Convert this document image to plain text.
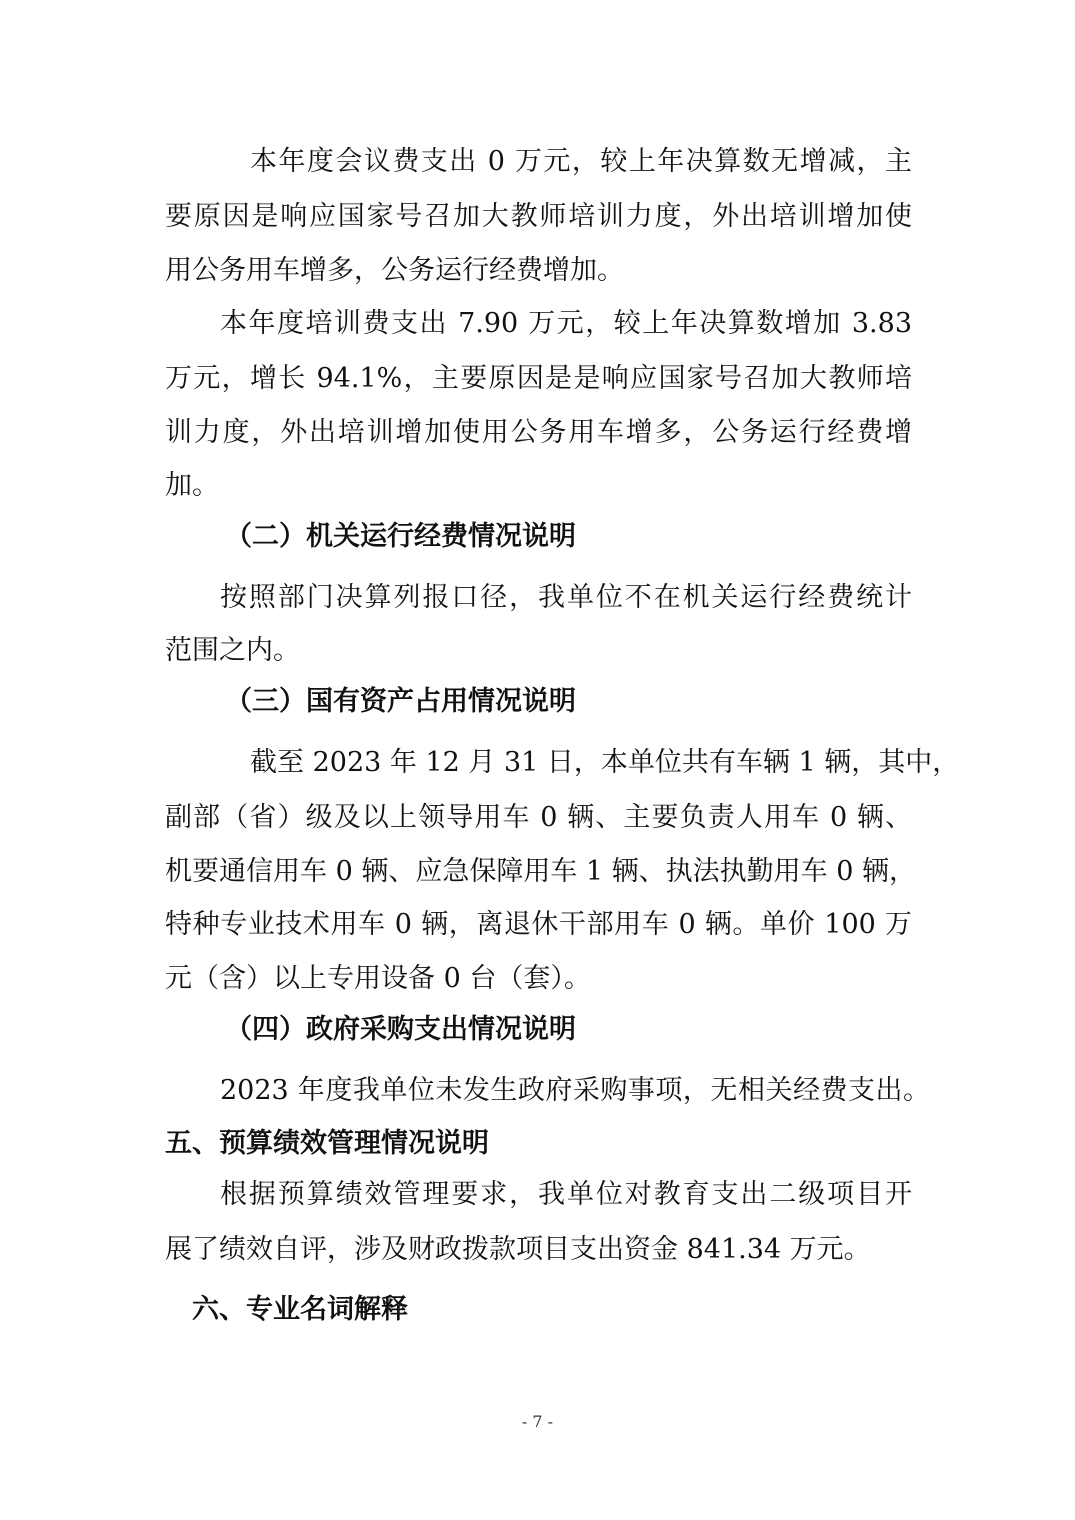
本年度会议费支出 0 万元，较上年决算数无增减，主
要原因是响应国家号召加大教师培训力度，外出培训增加使
用公务用车增多，公务运行经费增加。
本年度培训费支出 7.90 万元，较上年决算数增加 3.83
万元，增长 94.1%，主要原因是是响应国家号召加大教师培
训力度，外出培训增加使用公务用车增多，公务运行经费增
加。
（二）机关运行经费情况说明
按照部门决算列报口径，我单位不在机关运行经费统计
范围之内。
（三）国有资产占用情况说明
截至 2023 年 12 月 31 日，本单位共有车辆 1 辆，其中，
副部（省）级及以上领导用车 0 辆、主要负责人用车 0 辆、
机要通信用车 0 辆、应急保障用车 1 辆、执法执勤用车 0 辆，
特种专业技术用车 0 辆，离退休干部用车 0 辆。单价 100 万
元（含）以上专用设备 0 台（套）。
（四）政府采购支出情况说明
2023 年度我单位未发生政府采购事项，无相关经费支出。
五、预算绩效管理情况说明
根据预算绩效管理要求，我单位对教育支出二级项目开
展了绩效自评，涉及财政拨款项目支出资金 841.34 万元。
六、专业名词解释
- 7 -
